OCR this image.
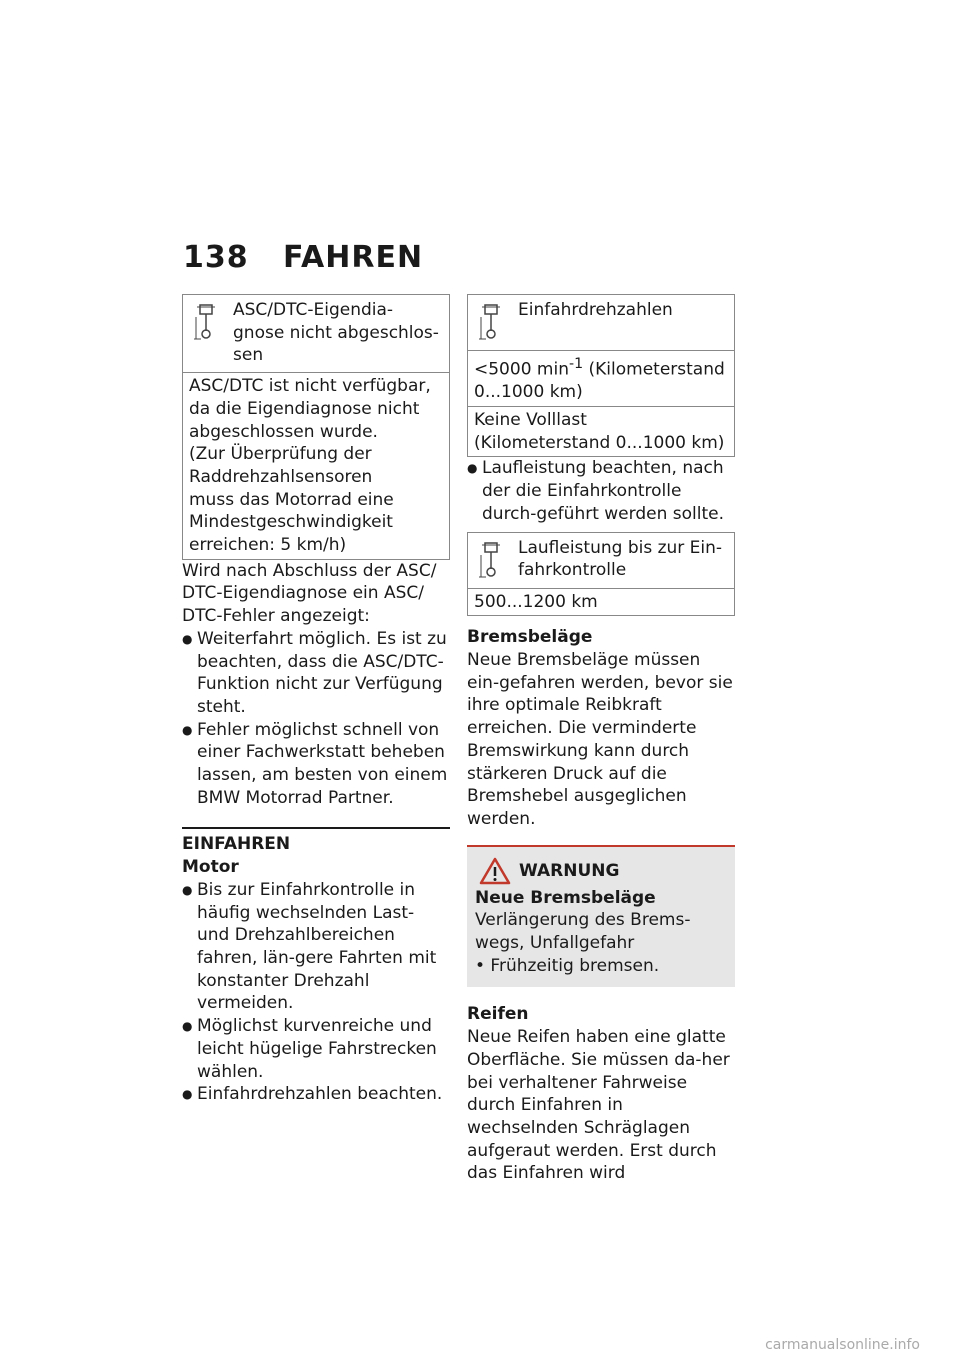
138 FAHREN
ASC/DTC-Eigendia-gnose nicht abgeschlos-sen
ASC/DTC ist nicht verfügbar,
da die Eigendiagnose nicht
abgeschlossen wurde.
(Zur Überprüfung der
Raddrehzahlsensoren
muss das Motorrad eine
Mindestgeschwindigkeit
erreichen: 5 km/h)
Wird nach Abschluss der ASC/ DTC-Eigendiagnose ein ASC/ DTC-Fehler angezeigt:
● Weiterfahrt möglich. Es ist zu beachten, dass die ASC/DTC-Funktion nicht zur Verfügung steht.
● Fehler möglichst schnell von einer Fachwerkstatt beheben lassen, am besten von einem BMW Motorrad Partner.
EINFAHREN
Motor
● Bis zur Einfahrkontrolle in häufig wechselnden Last- und Drehzahlbereichen fahren, län-gere Fahrten mit konstanter Drehzahl vermeiden.
● Möglichst kurvenreiche und leicht hügelige Fahrstrecken wählen.
● Einfahrdrehzahlen beachten.
Einfahrdrehzahlen
<5000 $\min^{-1}$ (Kilometerstand 0...1000 km)
Keine Volllast (Kilometerstand 0...1000 km)
● Laufleistung beachten, nach der die Einfahrkontrolle durch-geführt werden sollte.
Laufleistung bis zur Ein-fahrkontrolle
500...1200 km
Bremsbeläge
Neue Bremsbeläge müssen ein-gefahren werden, bevor sie ihre optimale Reibkraft erreichen. Die verminderte Bremswirkung kann durch stärkeren Druck auf die Bremshebel ausgeglichen werden.
WARNUNG
Neue Bremsbeläge
Verlängerung des Brems-wegs, Unfallgefahr
• Frühzeitig bremsen.
Reifen
Neue Reifen haben eine glatte Oberfläche. Sie müssen da-her bei verhaltener Fahrweise durch Einfahren in wechselnden Schräglagen aufgeraut werden. Erst durch das Einfahren wird
carmanualsonline.info
